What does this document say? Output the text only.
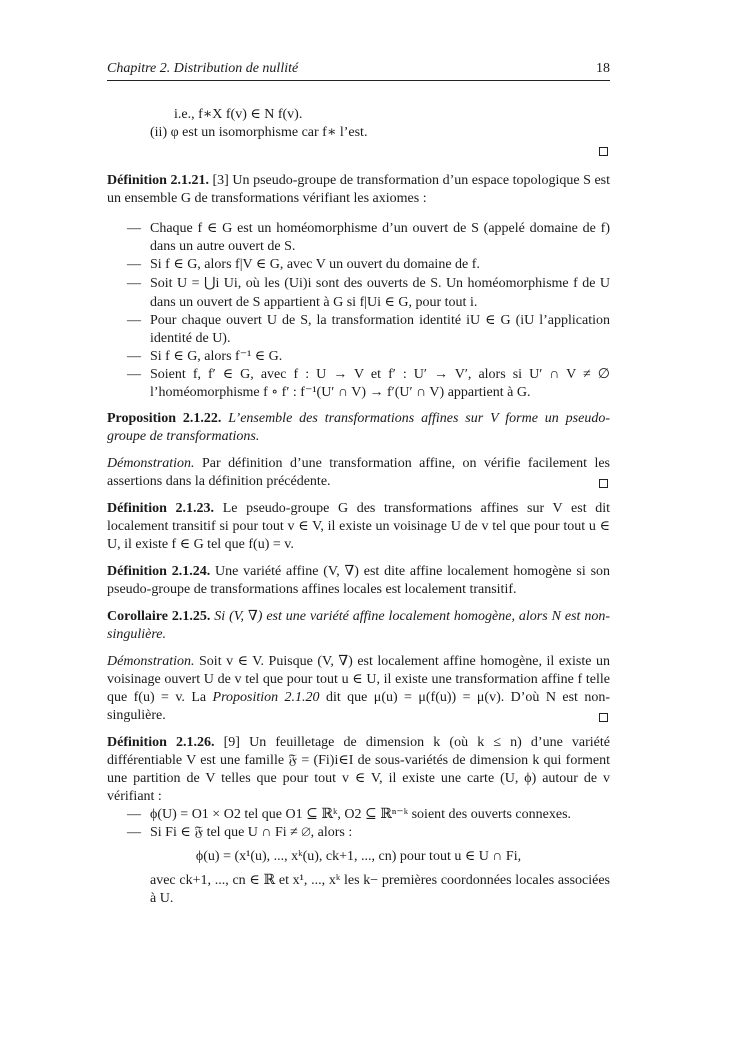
Chapitre 2. Distribution de nullité	18
i.e., f∗X f(v) ∈ N f(v).
(ii) φ est un isomorphisme car f∗ l’est.
Définition 2.1.21. [3] Un pseudo-groupe de transformation d’un espace topologique S est un ensemble G de transformations vérifiant les axiomes :
— Chaque f ∈ G est un homéomorphisme d’un ouvert de S (appelé domaine de f) dans un autre ouvert de S.
— Si f ∈ G, alors f|V ∈ G, avec V un ouvert du domaine de f.
— Soit U = ⋃i Ui, où les (Ui)i sont des ouverts de S. Un homéomorphisme f de U dans un ouvert de S appartient à G si f|Ui ∈ G, pour tout i.
— Pour chaque ouvert U de S, la transformation identité iU ∈ G (iU l’application identité de U).
— Si f ∈ G, alors f⁻¹ ∈ G.
— Soient f, f′ ∈ G, avec f : U → V et f′ : U′ → V′, alors si U′ ∩ V ≠ ∅ l’homéomorphisme f ∘ f′ : f⁻¹(U′ ∩ V) → f′(U′ ∩ V) appartient à G.
Proposition 2.1.22. L’ensemble des transformations affines sur V forme un pseudo-groupe de transformations.
Démonstration. Par définition d’une transformation affine, on vérifie facilement les assertions dans la définition précédente.
Définition 2.1.23. Le pseudo-groupe G des transformations affines sur V est dit localement transitif si pour tout v ∈ V, il existe un voisinage U de v tel que pour tout u ∈ U, il existe f ∈ G tel que f(u) = v.
Définition 2.1.24. Une variété affine (V, ∇) est dite affine localement homogène si son pseudo-groupe de transformations affines locales est localement transitif.
Corollaire 2.1.25. Si (V, ∇) est une variété affine localement homogène, alors N est non-singulière.
Démonstration. Soit v ∈ V. Puisque (V, ∇) est localement affine homogène, il existe un voisinage ouvert U de v tel que pour tout u ∈ U, il existe une transformation affine f telle que f(u) = v. La Proposition 2.1.20 dit que μ(u) = μ(f(u)) = μ(v). D’où N est non-singulière.
Définition 2.1.26. [9] Un feuilletage de dimension k (où k ≤ n) d’une variété différentiable V est une famille 𝔉 = (Fi)i∈I de sous-variétés de dimension k qui forment une partition de V telles que pour tout v ∈ V, il existe une carte (U, ϕ) autour de v vérifiant :
— ϕ(U) = O1 × O2 tel que O1 ⊆ ℝᵏ, O2 ⊆ ℝⁿ⁻ᵏ soient des ouverts connexes.
— Si Fi ∈ 𝔉 tel que U ∩ Fi ≠ ∅, alors :
ϕ(u) = (x¹(u), ..., xᵏ(u), ck+1, ..., cn) pour tout u ∈ U ∩ Fi,
avec ck+1, ..., cn ∈ ℝ et x¹, ..., xᵏ les k− premières coordonnées locales associées à U.
